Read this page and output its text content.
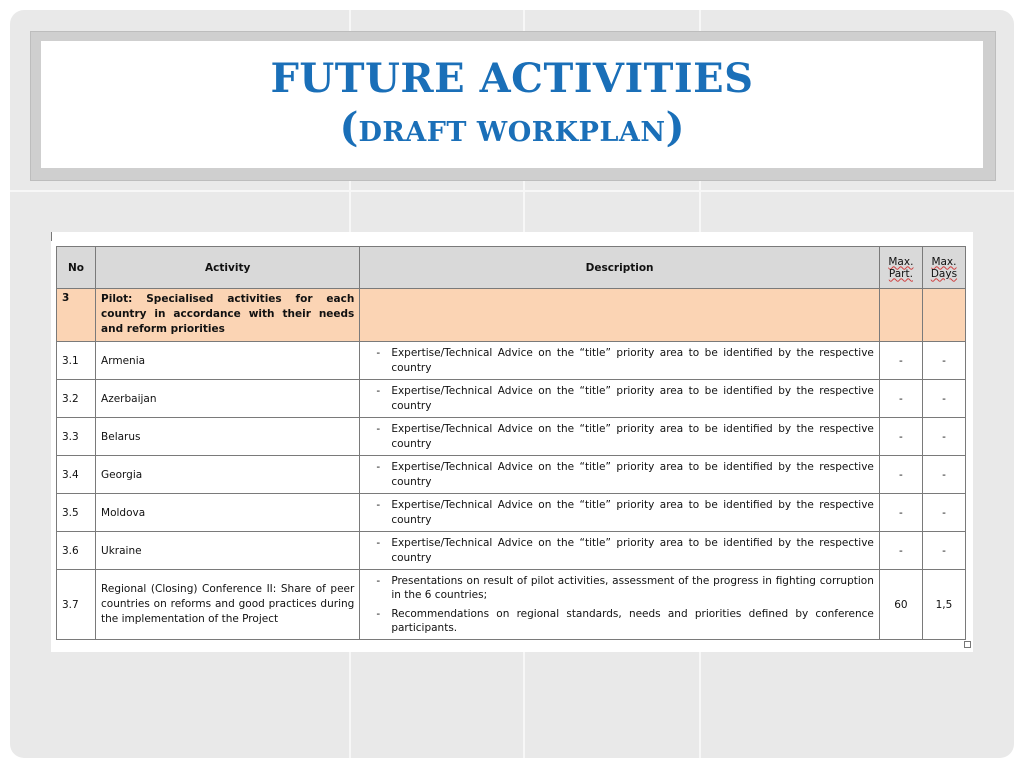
FUTURE ACTIVITIES
(DRAFT WORKPLAN)
No	Activity	Description	Max. Part.	Max. Days
3	Pilot: Specialised activities for each country in accordance with their needs and reform priorities			
3.1	Armenia	- Expertise/Technical Advice on the “title” priority area to be identified by the respective country	-	-
3.2	Azerbaijan	- Expertise/Technical Advice on the “title” priority area to be identified by the respective country	-	-
3.3	Belarus	- Expertise/Technical Advice on the “title” priority area to be identified by the respective country	-	-
3.4	Georgia	- Expertise/Technical Advice on the “title” priority area to be identified by the respective country	-	-
3.5	Moldova	- Expertise/Technical Advice on the “title” priority area to be identified by the respective country	-	-
3.6	Ukraine	- Expertise/Technical Advice on the “title” priority area to be identified by the respective country	-	-
3.7	Regional (Closing) Conference II: Share of peer countries on reforms and good practices during the implementation of the Project	- Presentations on result of pilot activities, assessment of the progress in fighting corruption in the 6 countries;
- Recommendations on regional standards, needs and priorities defined by conference participants.	60	1,5
